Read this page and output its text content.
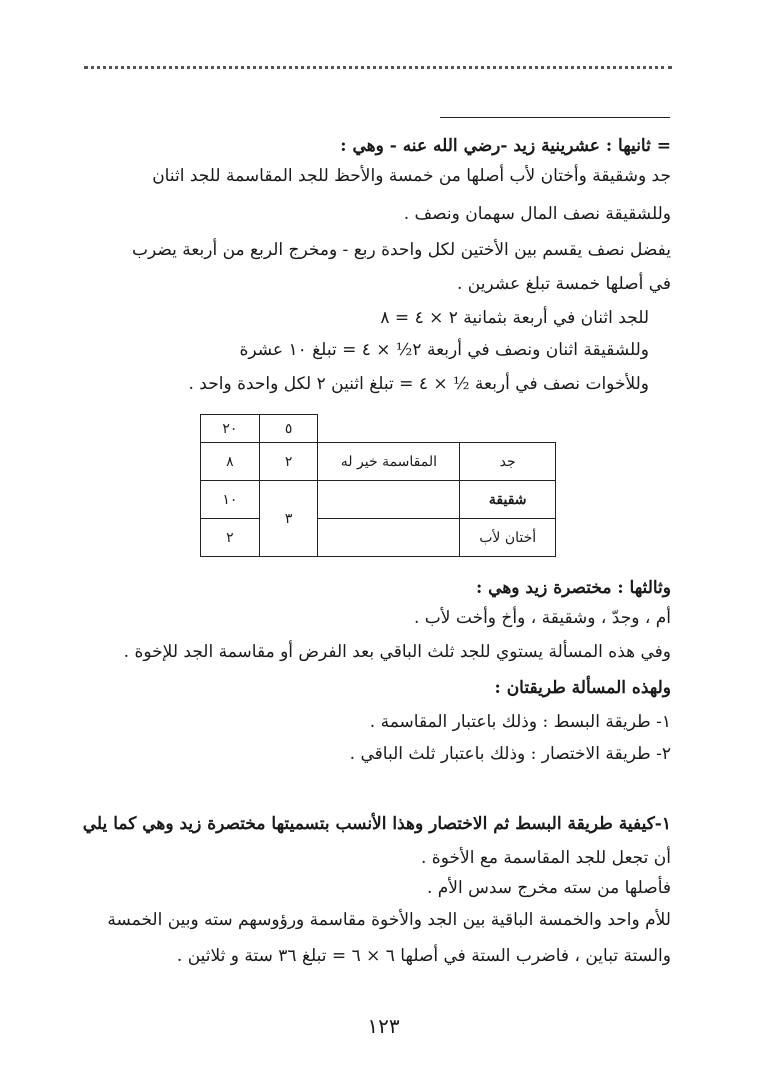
= ثانيها : عشرينية زيد -رضي الله عنه - وهي :
جد وشقيقة وأختان لأب أصلها من خمسة والأحظ للجد المقاسمة للجد اثنان
وللشقيقة نصف المال سهمان ونصف .
يفضل نصف يقسم بين الأختين لكل واحدة ربع - ومخرج الربع من أربعة يضرب
في أصلها خمسة تبلغ عشرين .
للجد اثنان في أربعة بثمانية ٢ × ٤ = ٨
وللشقيقة اثنان ونصف في أربعة ٢½ × ٤ = تبلغ ١٠ عشرة
وللأخوات نصف في أربعة ½ × ٤ = تبلغ اثنين ٢ لكل واحدة واحد .
		٥	٢٠
جد	المقاسمة خير له	٢	٨
شقيقة		٣	١٠
أختان لأب			٢
وثالثها : مختصرة زيد وهي :
أم ، وجدّ ، وشقيقة ، وأخ وأخت لأب .
وفي هذه المسألة يستوي للجد ثلث الباقي بعد الفرض أو مقاسمة الجد للإخوة .
ولهذه المسألة طريقتان :
١- طريقة البسط : وذلك باعتبار المقاسمة .
٢- طريقة الاختصار : وذلك باعتبار ثلث الباقي .
١-كيفية طريقة البسط ثم الاختصار وهذا الأنسب بتسميتها مختصرة زيد وهي كما يلي
أن تجعل للجد المقاسمة مع الأخوة .
فأصلها من سته مخرج سدس الأم .
للأم واحد والخمسة الباقية بين الجد والأخوة مقاسمة ورؤوسهم سته وبين الخمسة
والستة تباين ، فاضرب الستة في أصلها ٦ × ٦ = تبلغ ٣٦ ستة و ثلاثين .
١٢٣
